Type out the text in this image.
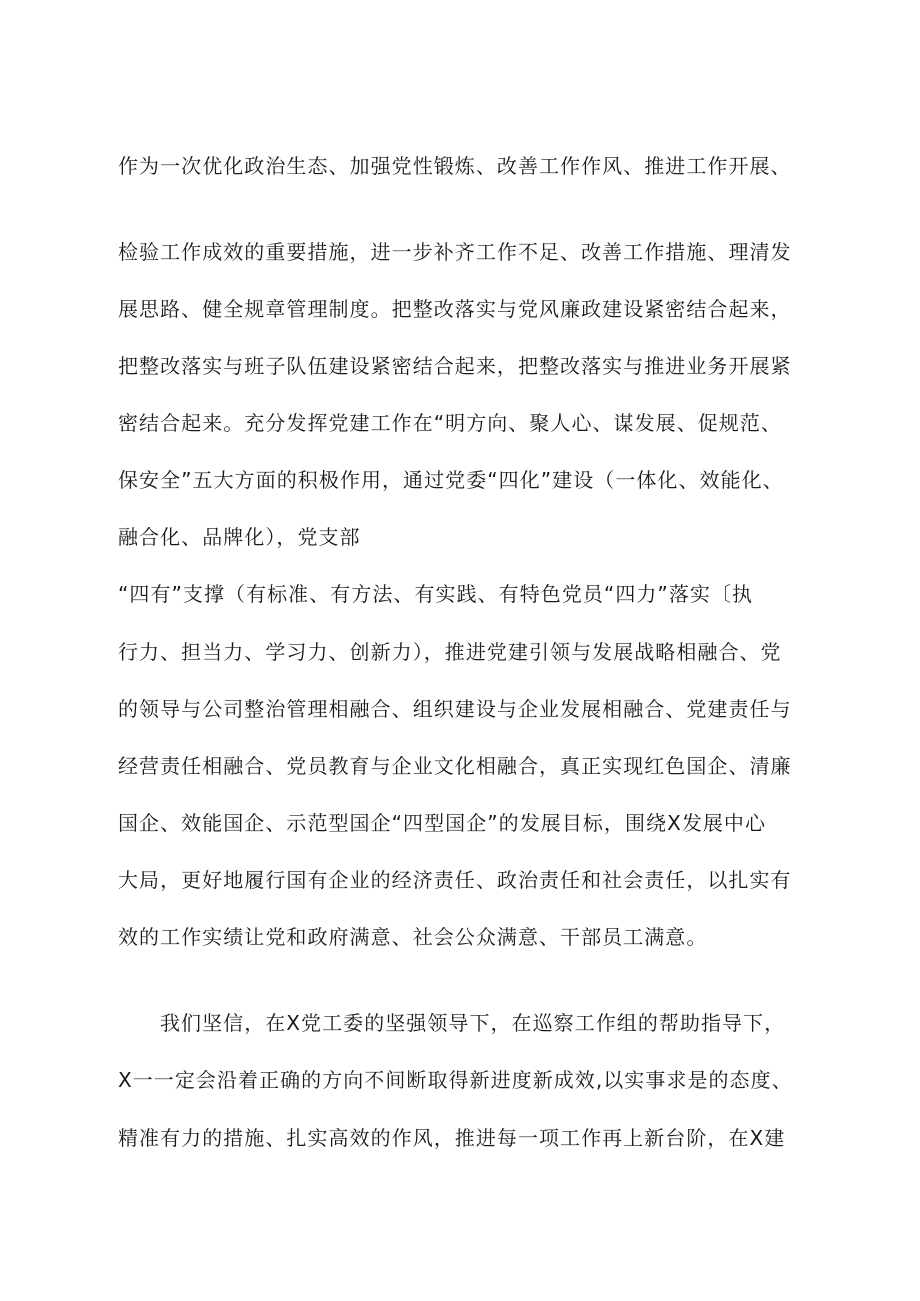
作为一次优化政治生态、加强党性锻炼、改善工作作风、推进工作开展、
检验工作成效的重要措施，进一步补齐工作不足、改善工作措施、理清发
展思路、健全规章管理制度。把整改落实与党风廉政建设紧密结合起来，
把整改落实与班子队伍建设紧密结合起来，把整改落实与推进业务开展紧
密结合起来。充分发挥党建工作在“明方向、聚人心、谋发展、促规范、
保安全”五大方面的积极作用，通过党委“四化”建设（一体化、效能化、
融合化、品牌化），党支部
“四有”支撑（有标准、有方法、有实践、有特色党员“四力”落实〔执
行力、担当力、学习力、创新力），推进党建引领与发展战略相融合、党
的领导与公司整治管理相融合、组织建设与企业发展相融合、党建责任与
经营责任相融合、党员教育与企业文化相融合，真正实现红色国企、清廉
国企、效能国企、示范型国企“四型国企”的发展目标，围绕X发展中心
大局，更好地履行国有企业的经济责任、政治责任和社会责任，以扎实有
效的工作实绩让党和政府满意、社会公众满意、干部员工满意。
我们坚信，在X党工委的坚强领导下，在巡察工作组的帮助指导下，
X一一定会沿着正确的方向不间断取得新进度新成效,以实事求是的态度、
精准有力的措施、扎实高效的作风，推进每一项工作再上新台阶，在X建
